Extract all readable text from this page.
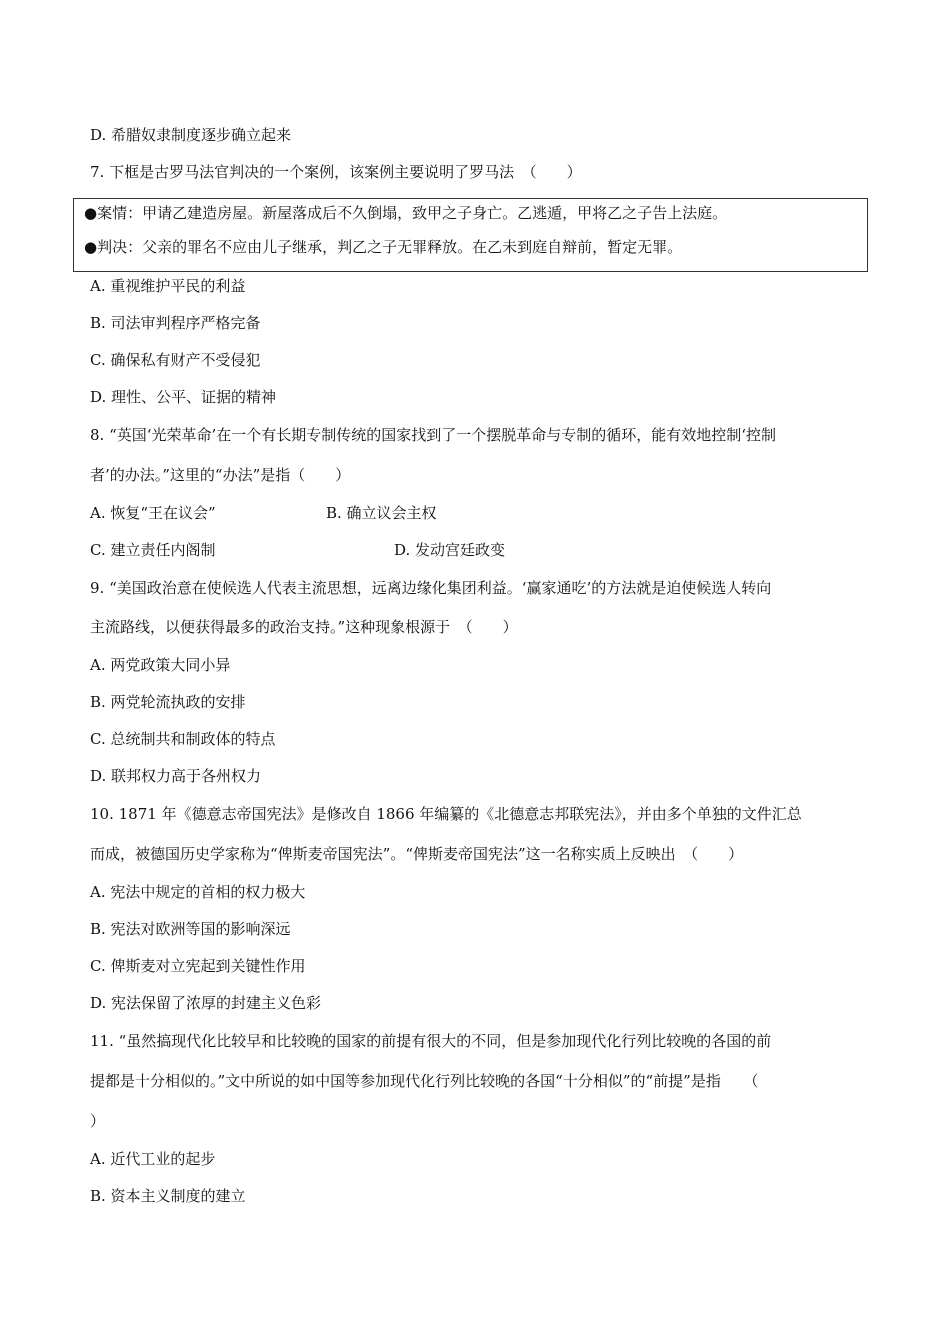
D. 希腊奴隶制度逐步确立起来
7. 下框是古罗马法官判决的一个案例，该案例主要说明了罗马法　（　　）
●案情：甲请乙建造房屋。新屋落成后不久倒塌，致甲之子身亡。乙逃遁，甲将乙之子告上法庭。
●判决：父亲的罪名不应由儿子继承，判乙之子无罪释放。在乙未到庭自辩前，暂定无罪。
A. 重视维护平民的利益
B. 司法审判程序严格完备
C. 确保私有财产不受侵犯
D. 理性、公平、证据的精神
8. “英国‘光荣革命’在一个有长期专制传统的国家找到了一个摆脱革命与专制的循环，能有效地控制‘控制
者’的办法。”这里的“办法”是指（　　）
A. 恢复“王在议会”	B. 确立议会主权
C. 建立责任内阁制	D. 发动宫廷政变
9. “美国政治意在使候选人代表主流思想，远离边缘化集团利益。‘赢家通吃’的方法就是迫使候选人转向
主流路线，以便获得最多的政治支持。”这种现象根源于　（　　）
A. 两党政策大同小异
B. 两党轮流执政的安排
C. 总统制共和制政体的特点
D. 联邦权力高于各州权力
10. 1871 年《德意志帝国宪法》是修改自 1866 年编纂的《北德意志邦联宪法》，并由多个单独的文件汇总
而成，被德国历史学家称为“俾斯麦帝国宪法”。“俾斯麦帝国宪法”这一名称实质上反映出　（　　）
A. 宪法中规定的首相的权力极大
B. 宪法对欧洲等国的影响深远
C. 俾斯麦对立宪起到关键性作用
D. 宪法保留了浓厚的封建主义色彩
11. “虽然搞现代化比较早和比较晚的国家的前提有很大的不同，但是参加现代化行列比较晚的各国的前
提都是十分相似的。”文中所说的如中国等参加现代化行列比较晚的各国“十分相似”的“前提”是指　　（
）
A. 近代工业的起步
B. 资本主义制度的建立
